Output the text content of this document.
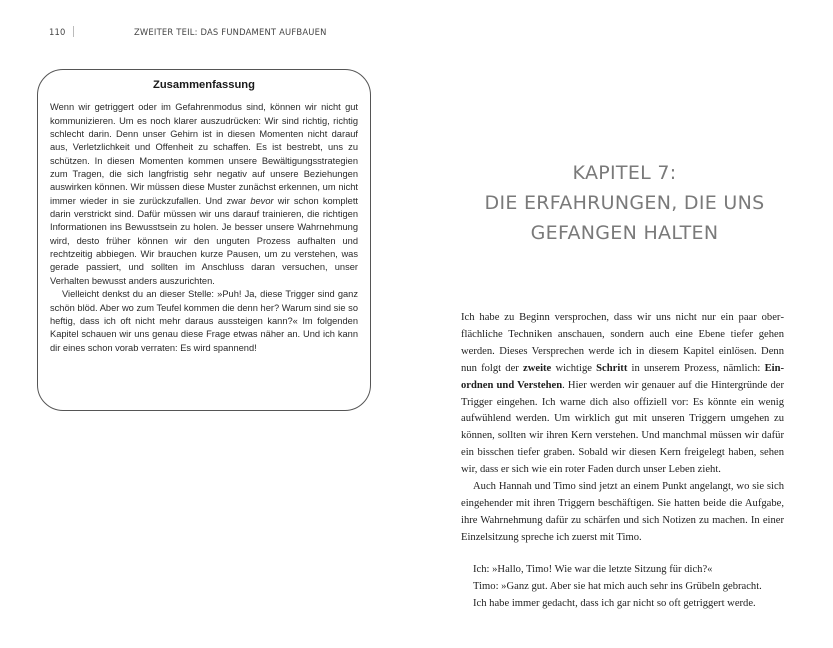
110	ZWEITER TEIL: DAS FUNDAMENT AUFBAUEN
Zusammenfassung

Wenn wir getriggert oder im Gefahrenmodus sind, können wir nicht gut kommunizieren. Um es noch klarer auszudrücken: Wir sind richtig, richtig schlecht darin. Denn unser Gehirn ist in diesen Momenten nicht darauf aus, Verletzlichkeit und Offenheit zu schaffen. Es ist bestrebt, uns zu schützen. In diesen Momenten kommen unsere Bewältigungsstrategien zum Tragen, die sich langfristig sehr negativ auf unsere Beziehungen auswirken können. Wir müssen diese Muster zunächst erkennen, um nicht immer wieder in sie zurückzufallen. Und zwar bevor wir schon komplett darin verstrickt sind. Dafür müssen wir uns darauf trainieren, die richtigen Informationen ins Bewusstsein zu holen. Je besser unsere Wahrnehmung wird, desto früher können wir den unguten Prozess aufhalten und rechtzeitig abbiegen. Wir brauchen kurze Pausen, um zu verstehen, was gerade passiert, und sollten im Anschluss daran versuchen, unser Verhalten bewusst anders auszurichten.

Vielleicht denkst du an dieser Stelle: »Puh! Ja, diese Trigger sind ganz schön blöd. Aber wo zum Teufel kommen die denn her? Warum sind sie so heftig, dass ich oft nicht mehr daraus aussteigen kann?« Im folgenden Kapitel schauen wir uns genau diese Frage etwas näher an. Und ich kann dir eines schon vorab verraten: Es wird spannend!

KAPITEL 7:
DIE ERFAHRUNGEN, DIE UNS
GEFANGEN HALTEN

Ich habe zu Beginn versprochen, dass wir uns nicht nur ein paar oberflächliche Techniken anschauen, sondern auch eine Ebene tiefer gehen werden. Dieses Versprechen werde ich in diesem Kapitel einlösen. Denn nun folgt der zweite wichtige Schritt in unserem Prozess, nämlich: Einordnen und Verstehen. Hier werden wir genauer auf die Hintergründe der Trigger eingehen. Ich warne dich also offiziell vor: Es könnte ein wenig aufwühlend werden. Um wirklich gut mit unseren Triggern umgehen zu können, sollten wir ihren Kern verstehen. Und manchmal müssen wir dafür ein bisschen tiefer graben. Sobald wir diesen Kern freigelegt haben, sehen wir, dass er sich wie ein roter Faden durch unser Leben zieht.

Auch Hannah und Timo sind jetzt an einem Punkt angelangt, wo sie sich eingehender mit ihren Triggern beschäftigen. Sie hatten beide die Aufgabe, ihre Wahrnehmung dafür zu schärfen und sich Notizen zu machen. In einer Einzelsitzung spreche ich zuerst mit Timo.

Ich: »Hallo, Timo! Wie war die letzte Sitzung für dich?«

Timo: »Ganz gut. Aber sie hat mich auch sehr ins Grübeln gebracht.

Ich habe immer gedacht, dass ich gar nicht so oft getriggert werde.
